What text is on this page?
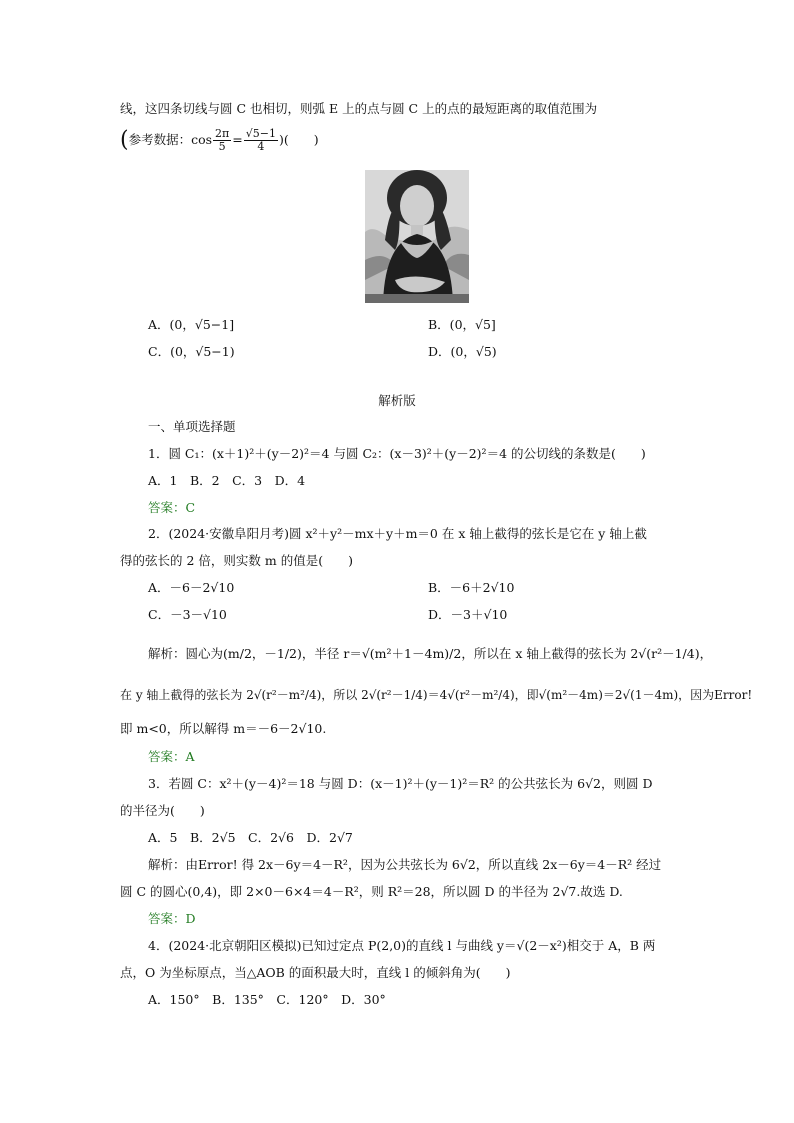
线，这四条切线与圆 C 也相切，则弧 E 上的点与圆 C 上的点的最短距离的取值范围为
(参考数据：$\cos \frac{2\pi}{5} = \frac{√5-1}{4}$ )(　　)
A．(0，√5−1]	B．(0，√5]
C．(0，√5−1)	D．(0，√5)
解析版
一、单项选择题
1．圆 C₁：(x＋1)²＋(y－2)²＝4 与圆 C₂：(x－3)²＋(y－2)²＝4 的公切线的条数是(　　)
A．1　B．2　C．3　D．4
答案：C
2．(2024·安徽阜阳月考)圆 x²＋y²－mx＋y＋m＝0 在 x 轴上截得的弦长是它在 y 轴上截
得的弦长的 2 倍，则实数 m 的值是(　　)
A．－6－2√10	B．－6＋2√10
C．－3－√10	D．－3＋√10
解析：圆心为(m/2，－1/2)，半径 r＝√(m²＋1－4m)/2，所以在 x 轴上截得的弦长为 2√(r²－1/4)，
在 y 轴上截得的弦长为 2√(r²－m²/4)，所以 2√(r²－1/4)＝4√(r²－m²/4)，即√(m²－4m)＝2√(1－4m)，因为Error!
即 m<0，所以解得 m＝－6－2√10.
答案：A
3．若圆 C：x²＋(y－4)²＝18 与圆 D：(x－1)²＋(y－1)²＝R² 的公共弦长为 6√2，则圆 D
的半径为(　　)
A．5　B．2√5　C．2√6　D．2√7
解析：由Error! 得 2x－6y＝4－R²，因为公共弦长为 6√2，所以直线 2x－6y＝4－R² 经过
圆 C 的圆心(0,4)，即 2×0－6×4＝4－R²，则 R²＝28，所以圆 D 的半径为 2√7.故选 D.
答案：D
4．(2024·北京朝阳区模拟)已知过定点 P(2,0)的直线 l 与曲线 y＝√(2－x²)相交于 A，B 两
点，O 为坐标原点，当△AOB 的面积最大时，直线 l 的倾斜角为(　　)
A．150°　B．135°　C．120°　D．30°
